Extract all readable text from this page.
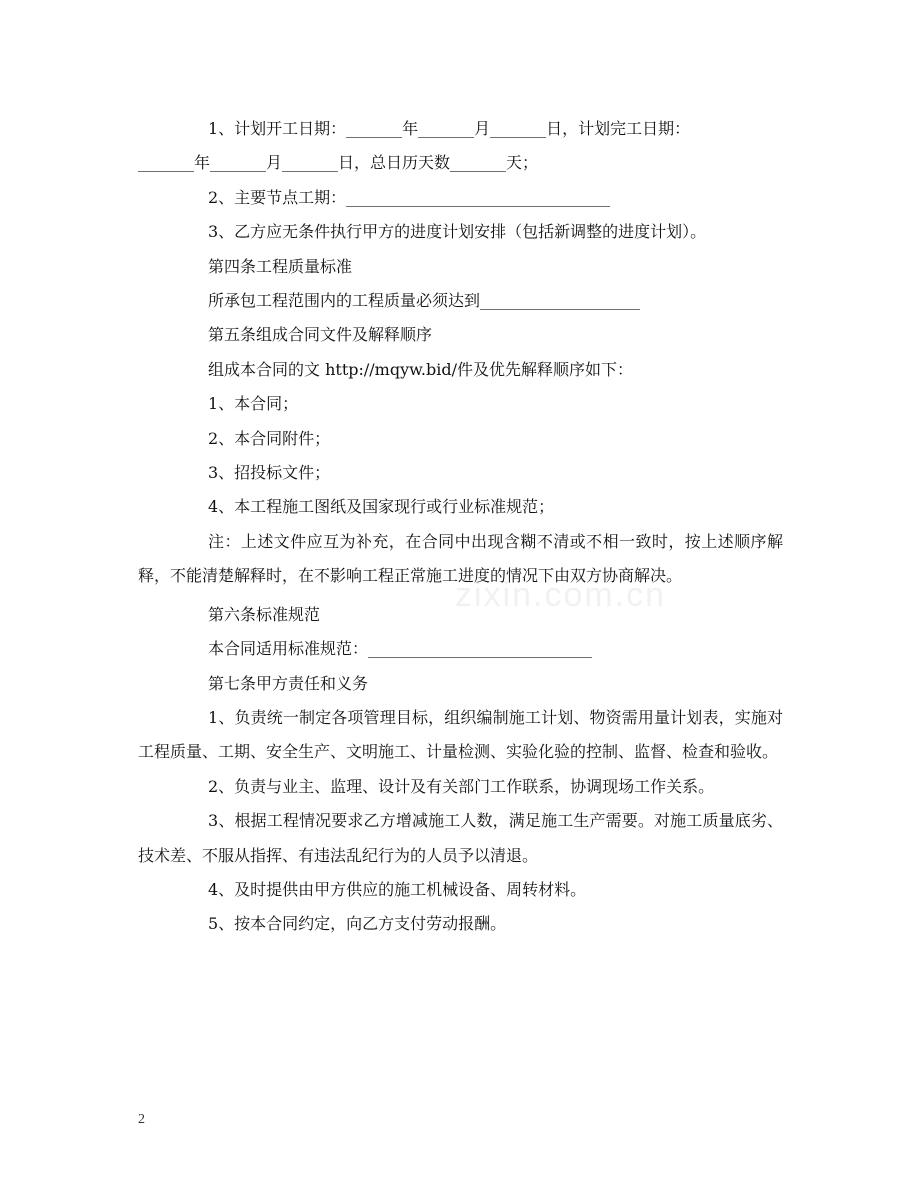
1、计划开工日期：_______年_______月_______日，计划完工日期：

_______年_______月_______日，总日历天数_______天；

2、主要节点工期：_________________________________

3、乙方应无条件执行甲方的进度计划安排（包括新调整的进度计划）。

第四条工程质量标准

所承包工程范围内的工程质量必须达到____________________

第五条组成合同文件及解释顺序

组成本合同的文 http://mqyw.bid/件及优先解释顺序如下：

1、本合同；

2、本合同附件；

3、招投标文件；

4、本工程施工图纸及国家现行或行业标准规范；

注：上述文件应互为补充，在合同中出现含糊不清或不相一致时，按上述顺序解释，不能清楚解释时，在不影响工程正常施工进度的情况下由双方协商解决。

第六条标准规范

本合同适用标准规范：____________________________

第七条甲方责任和义务

1、负责统一制定各项管理目标，组织编制施工计划、物资需用量计划表，实施对工程质量、工期、安全生产、文明施工、计量检测、实验化验的控制、监督、检查和验收。

2、负责与业主、监理、设计及有关部门工作联系，协调现场工作关系。

3、根据工程情况要求乙方增减施工人数，满足施工生产需要。对施工质量底劣、技术差、不服从指挥、有违法乱纪行为的人员予以清退。

4、及时提供由甲方供应的施工机械设备、周转材料。

5、按本合同约定，向乙方支付劳动报酬。

zixin.com.cn
2
